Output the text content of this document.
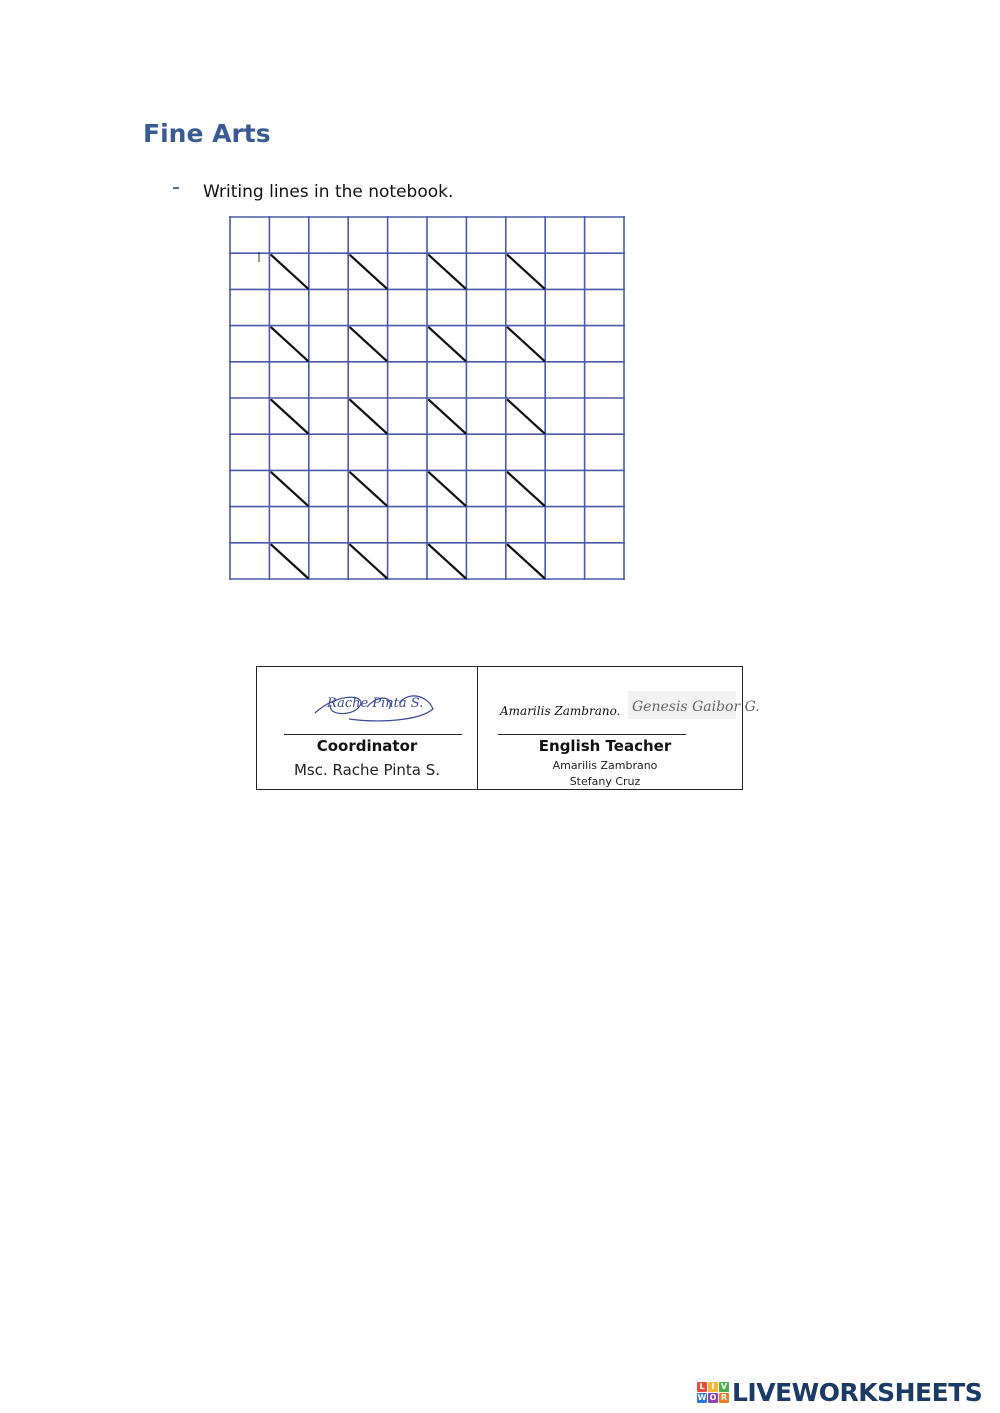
Fine Arts
-	Writing lines in the notebook.
Rache Pinta S.
Coordinator
Msc. Rache Pinta S.
Amarilis Zambrano. Genesis Gaibor G.
English Teacher
Amarilis Zambrano
Stefany Cruz
L I V
W O R LIVEWORKSHEETS
